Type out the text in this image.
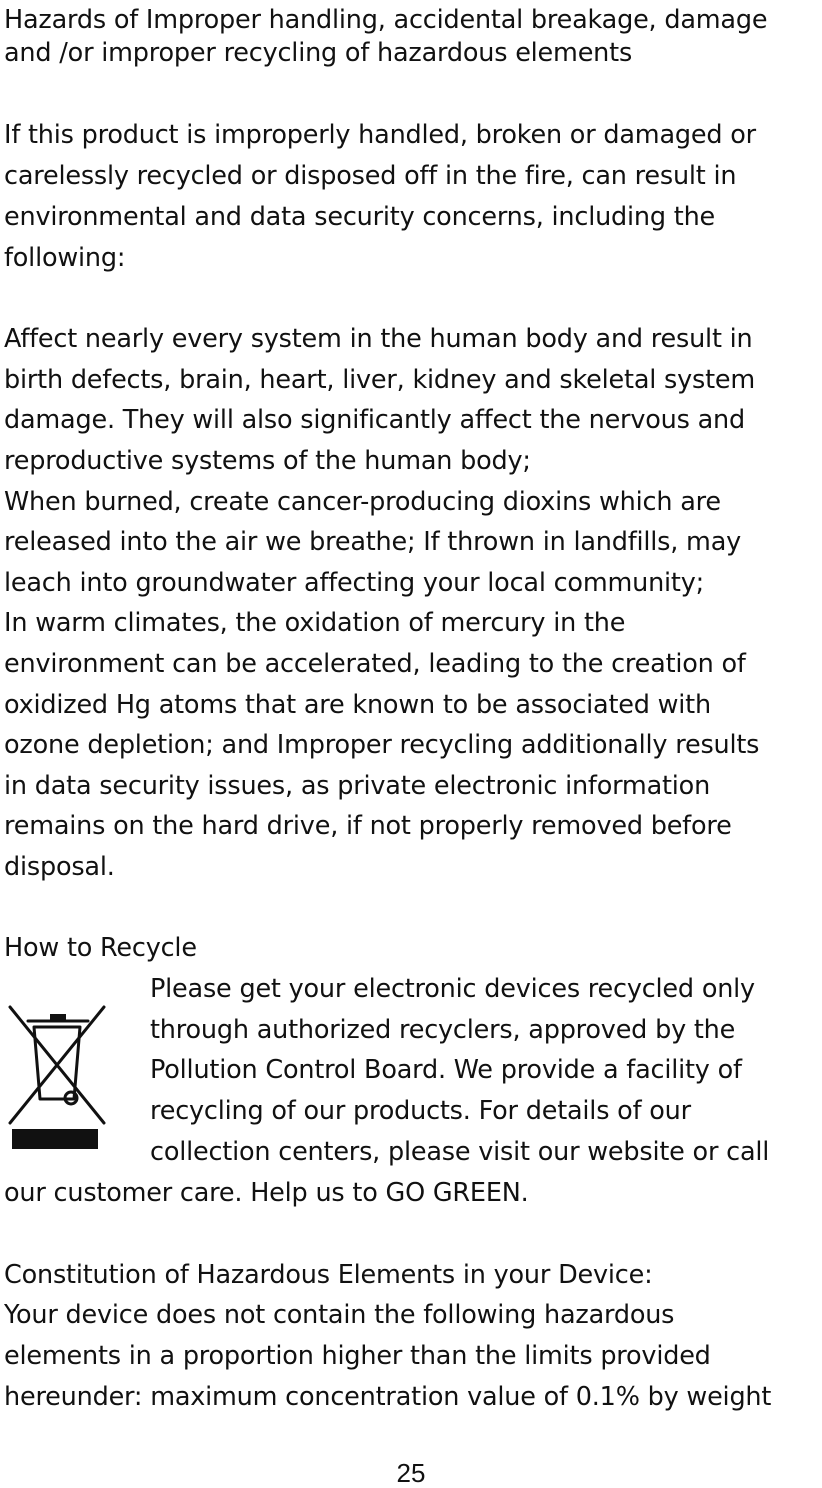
Hazards of Improper handling, accidental breakage, damage
and /or improper recycling of hazardous elements
If this product is improperly handled, broken or damaged or
carelessly recycled or disposed off in the fire, can result in
environmental and data security concerns, including the
following:
Affect nearly every system in the human body and result in
birth defects, brain, heart, liver, kidney and skeletal system
damage. They will also significantly affect the nervous and
reproductive systems of the human body;
When burned, create cancer-producing dioxins which are
released into the air we breathe; If thrown in landfills, may
leach into groundwater affecting your local community;
In warm climates, the oxidation of mercury in the
environment can be accelerated, leading to the creation of
oxidized Hg atoms that are known to be associated with
ozone depletion; and Improper recycling additionally results
in data security issues, as private electronic information
remains on the hard drive, if not properly removed before
disposal.
How to Recycle
Please get your electronic devices recycled only
through authorized recyclers, approved by the
Pollution Control Board. We provide a facility of
recycling of our products. For details of our
collection centers, please visit our website or call
our customer care. Help us to GO GREEN.
Constitution of Hazardous Elements in your Device:
Your device does not contain the following hazardous
elements in a proportion higher than the limits provided
hereunder: maximum concentration value of 0.1% by weight
25
